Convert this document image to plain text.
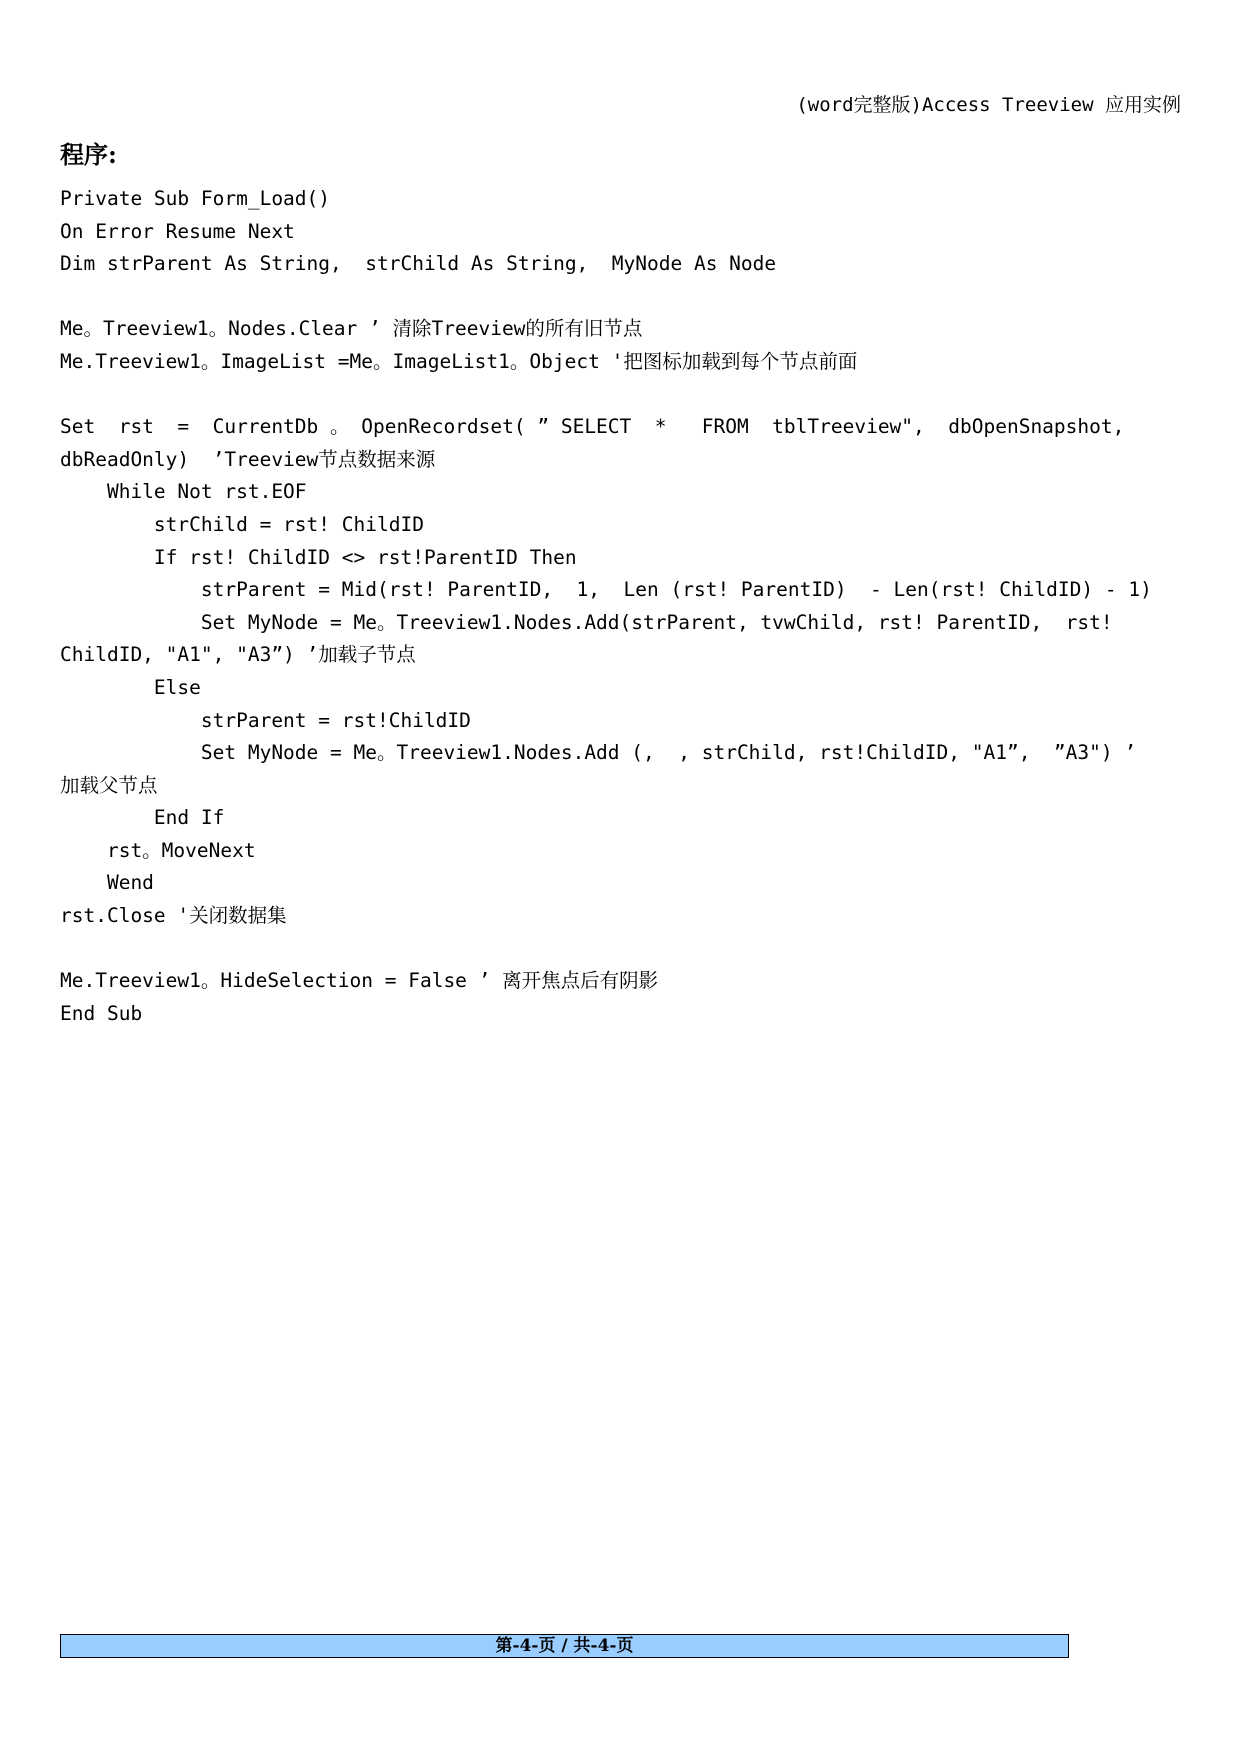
(word完整版)Access Treeview 应用实例
程序:
Private Sub Form_Load()
On Error Resume Next
Dim strParent As String,  strChild As String,  MyNode As Node
Me。Treeview1。Nodes.Clear ’ 清除Treeview的所有旧节点
Me.Treeview1。ImageList =Me。ImageList1。Object '把图标加载到每个节点前面
Set  rst  =  CurrentDb 。 OpenRecordset( ” SELECT  *   FROM  tblTreeview",  dbOpenSnapshot,
dbReadOnly)  ’Treeview节点数据来源
While Not rst.EOF
strChild = rst! ChildID
If rst! ChildID <> rst!ParentID Then
strParent = Mid(rst! ParentID,  1,  Len (rst! ParentID)  - Len(rst! ChildID) - 1)
Set MyNode = Me。Treeview1.Nodes.Add(strParent, tvwChild, rst! ParentID,  rst!
ChildID, "A1", "A3”) ’加载子节点
Else
strParent = rst!ChildID
Set MyNode = Me。Treeview1.Nodes.Add (,  , strChild, rst!ChildID, "A1”,  ”A3") ’
加载父节点
End If
rst。MoveNext
Wend
rst.Close '关闭数据集
Me.Treeview1。HideSelection = False ’ 离开焦点后有阴影
End Sub
第-4-页 / 共-4-页
